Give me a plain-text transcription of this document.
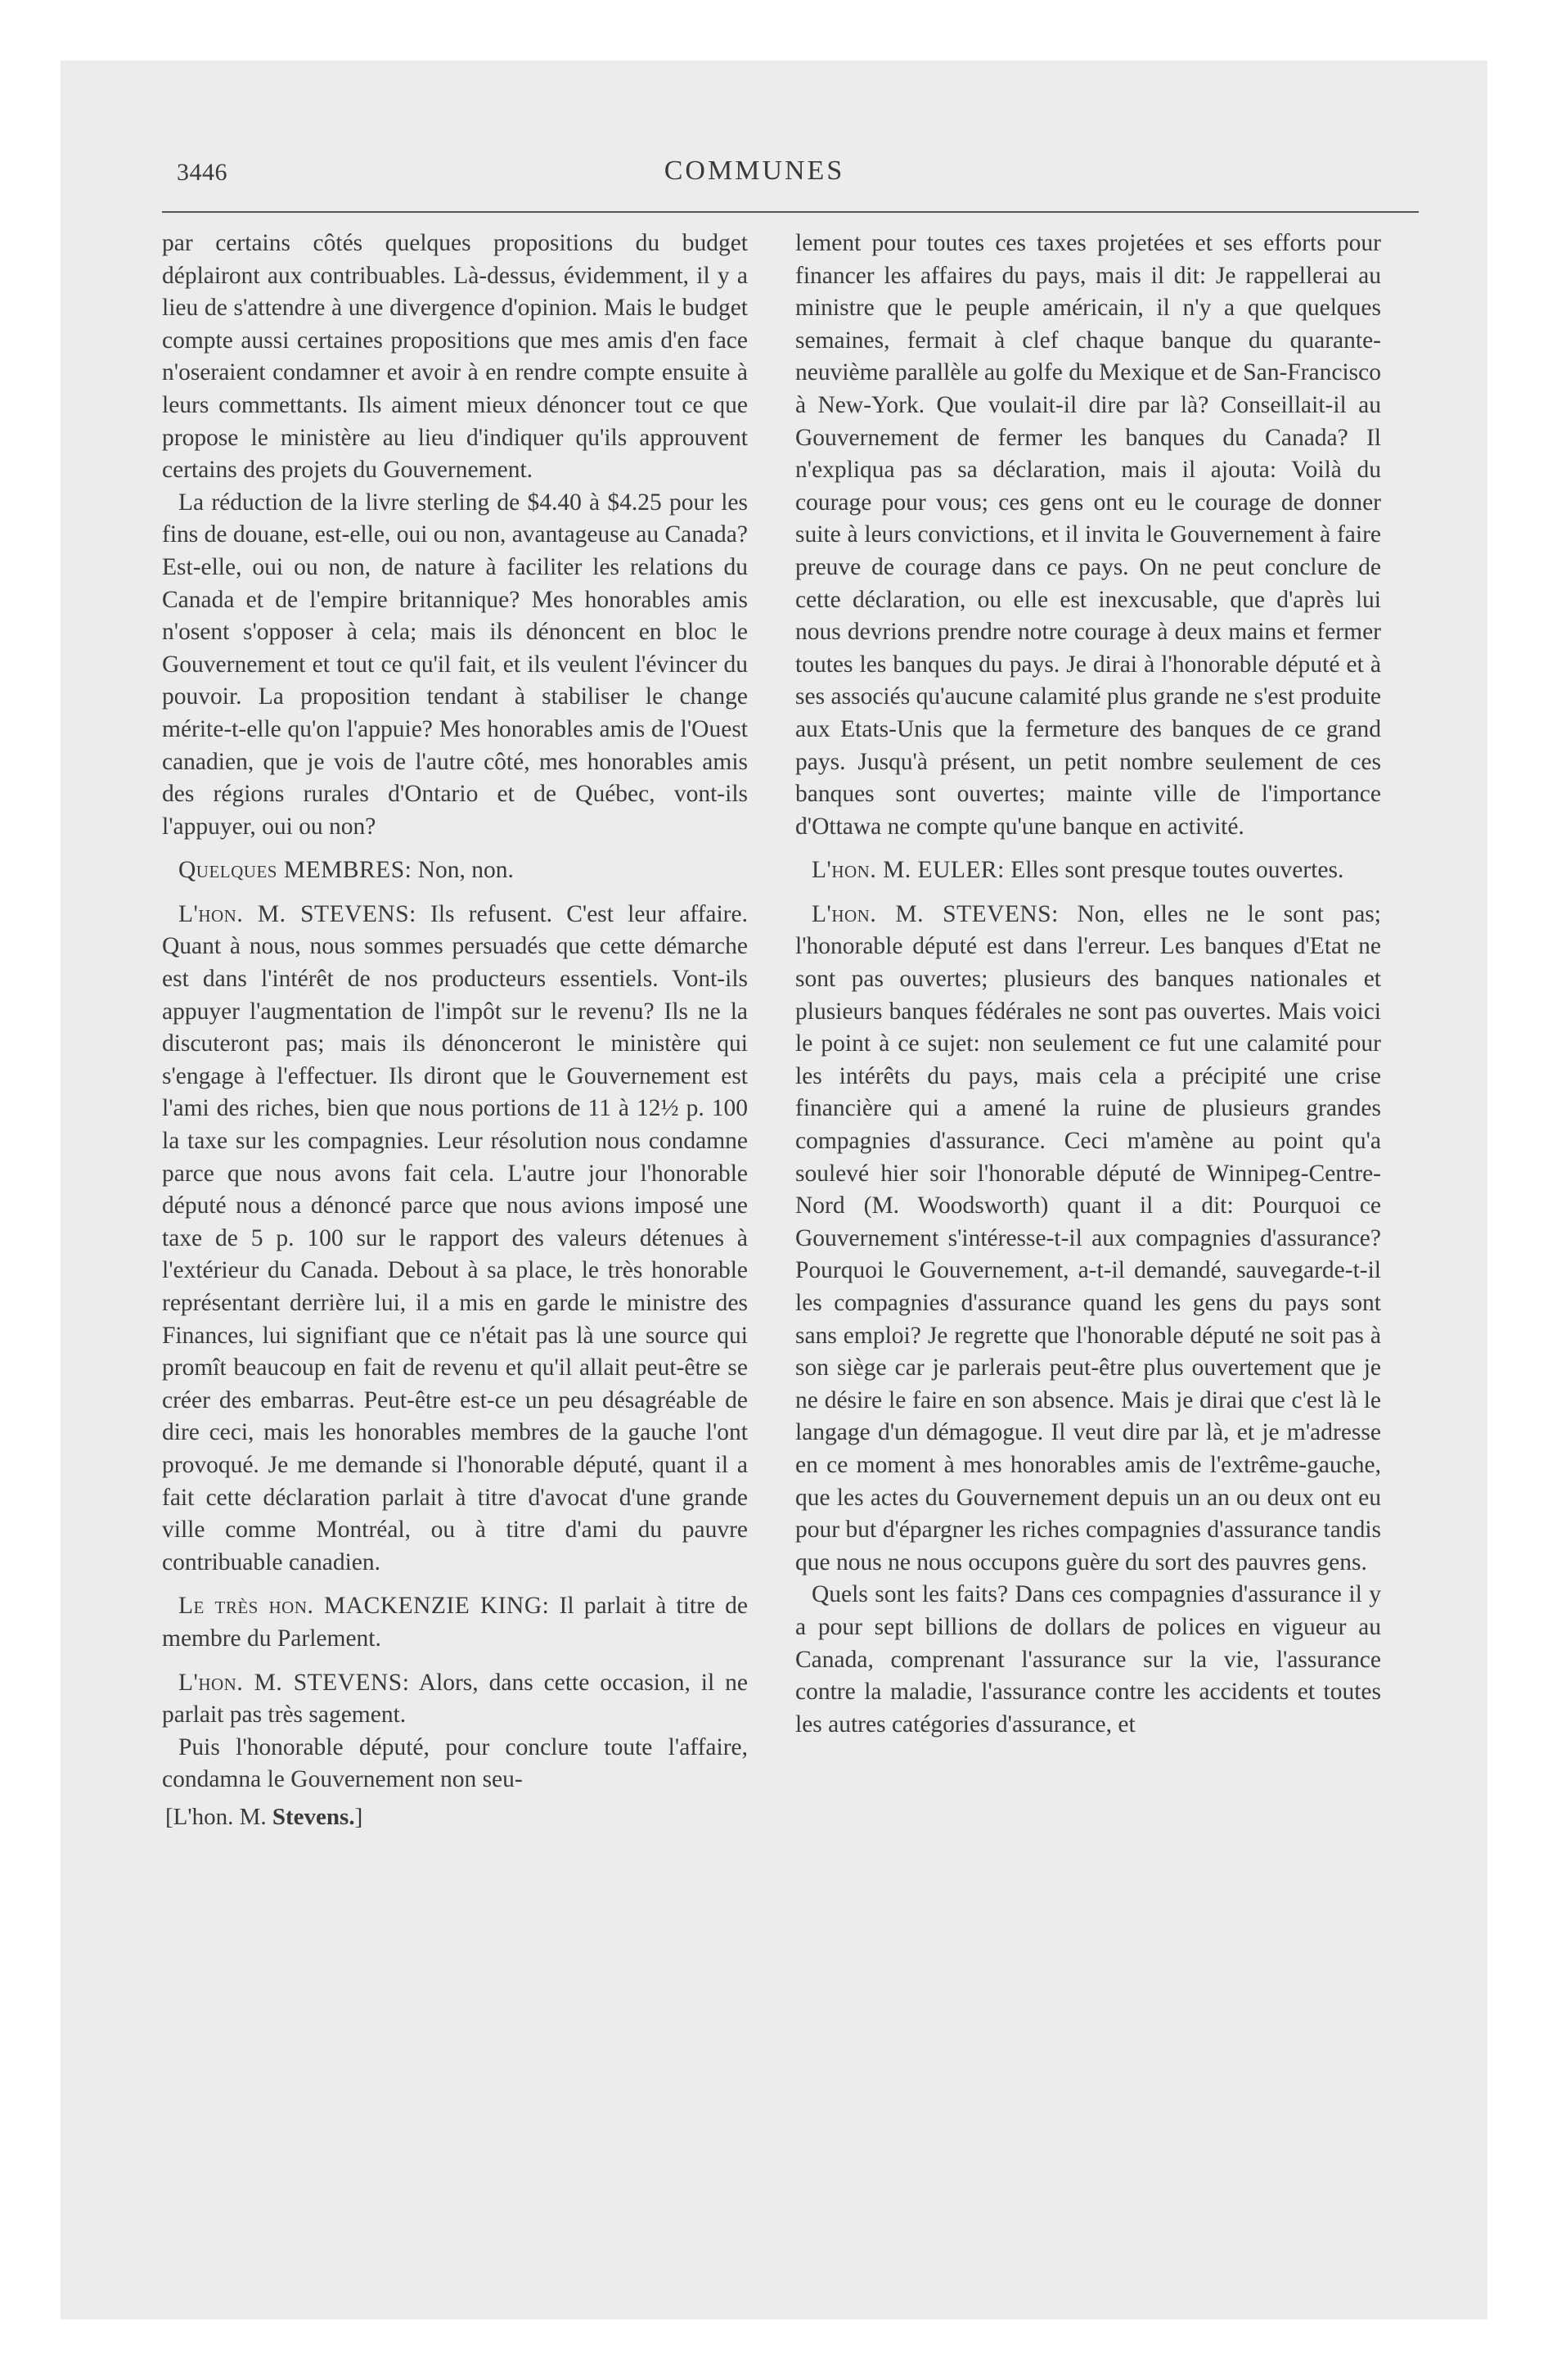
3446	COMMUNES

par certains côtés quelques propositions du budget déplairont aux contribuables. Là-dessus, évidemment, il y a lieu de s'attendre à une divergence d'opinion. Mais le budget compte aussi certaines propositions que mes amis d'en face n'oseraient condamner et avoir à en rendre compte ensuite à leurs commettants. Ils aiment mieux dénoncer tout ce que propose le ministère au lieu d'indiquer qu'ils approuvent certains des projets du Gouvernement.

La réduction de la livre sterling de $4.40 à $4.25 pour les fins de douane, est-elle, oui ou non, avantageuse au Canada? Est-elle, oui ou non, de nature à faciliter les relations du Canada et de l'empire britannique? Mes honorables amis n'osent s'opposer à cela; mais ils dénoncent en bloc le Gouvernement et tout ce qu'il fait, et ils veulent l'évincer du pouvoir. La proposition tendant à stabiliser le change mérite-t-elle qu'on l'appuie? Mes honorables amis de l'Ouest canadien, que je vois de l'autre côté, mes honorables amis des régions rurales d'Ontario et de Québec, vont-ils l'appuyer, oui ou non?

Quelques MEMBRES: Non, non.

L'hon. M. STEVENS: Ils refusent. C'est leur affaire. Quant à nous, nous sommes persuadés que cette démarche est dans l'intérêt de nos producteurs essentiels. Vont-ils appuyer l'augmentation de l'impôt sur le revenu? Ils ne la discuteront pas; mais ils dénonceront le ministère qui s'engage à l'effectuer. Ils diront que le Gouvernement est l'ami des riches, bien que nous portions de 11 à 12½ p. 100 la taxe sur les compagnies. Leur résolution nous condamne parce que nous avons fait cela. L'autre jour l'honorable député nous a dénoncé parce que nous avions imposé une taxe de 5 p. 100 sur le rapport des valeurs détenues à l'extérieur du Canada. Debout à sa place, le très honorable représentant derrière lui, il a mis en garde le ministre des Finances, lui signifiant que ce n'était pas là une source qui promît beaucoup en fait de revenu et qu'il allait peut-être se créer des embarras. Peut-être est-ce un peu désagréable de dire ceci, mais les honorables membres de la gauche l'ont provoqué. Je me demande si l'honorable député, quant il a fait cette déclaration parlait à titre d'avocat d'une grande ville comme Montréal, ou à titre d'ami du pauvre contribuable canadien.

Le très hon. MACKENZIE KING: Il parlait à titre de membre du Parlement.

L'hon. M. STEVENS: Alors, dans cette occasion, il ne parlait pas très sagement.

Puis l'honorable député, pour conclure toute l'affaire, condamna le Gouvernement non seu-

[L'hon. M. Stevens.]

lement pour toutes ces taxes projetées et ses efforts pour financer les affaires du pays, mais il dit: Je rappellerai au ministre que le peuple américain, il n'y a que quelques semaines, fermait à clef chaque banque du quarante-neuvième parallèle au golfe du Mexique et de San-Francisco à New-York. Que voulait-il dire par là? Conseillait-il au Gouvernement de fermer les banques du Canada? Il n'expliqua pas sa déclaration, mais il ajouta: Voilà du courage pour vous; ces gens ont eu le courage de donner suite à leurs convictions, et il invita le Gouvernement à faire preuve de courage dans ce pays. On ne peut conclure de cette déclaration, ou elle est inexcusable, que d'après lui nous devrions prendre notre courage à deux mains et fermer toutes les banques du pays. Je dirai à l'honorable député et à ses associés qu'aucune calamité plus grande ne s'est produite aux Etats-Unis que la fermeture des banques de ce grand pays. Jusqu'à présent, un petit nombre seulement de ces banques sont ouvertes; mainte ville de l'importance d'Ottawa ne compte qu'une banque en activité.

L'hon. M. EULER: Elles sont presque toutes ouvertes.

L'hon. M. STEVENS: Non, elles ne le sont pas; l'honorable député est dans l'erreur. Les banques d'Etat ne sont pas ouvertes; plusieurs des banques nationales et plusieurs banques fédérales ne sont pas ouvertes. Mais voici le point à ce sujet: non seulement ce fut une calamité pour les intérêts du pays, mais cela a précipité une crise financière qui a amené la ruine de plusieurs grandes compagnies d'assurance. Ceci m'amène au point qu'a soulevé hier soir l'honorable député de Winnipeg-Centre-Nord (M. Woodsworth) quant il a dit: Pourquoi ce Gouvernement s'intéresse-t-il aux compagnies d'assurance? Pourquoi le Gouvernement, a-t-il demandé, sauvegarde-t-il les compagnies d'assurance quand les gens du pays sont sans emploi? Je regrette que l'honorable député ne soit pas à son siège car je parlerais peut-être plus ouvertement que je ne désire le faire en son absence. Mais je dirai que c'est là le langage d'un démagogue. Il veut dire par là, et je m'adresse en ce moment à mes honorables amis de l'extrême-gauche, que les actes du Gouvernement depuis un an ou deux ont eu pour but d'épargner les riches compagnies d'assurance tandis que nous ne nous occupons guère du sort des pauvres gens.

Quels sont les faits? Dans ces compagnies d'assurance il y a pour sept billions de dollars de polices en vigueur au Canada, comprenant l'assurance sur la vie, l'assurance contre la maladie, l'assurance contre les accidents et toutes les autres catégories d'assurance, et
